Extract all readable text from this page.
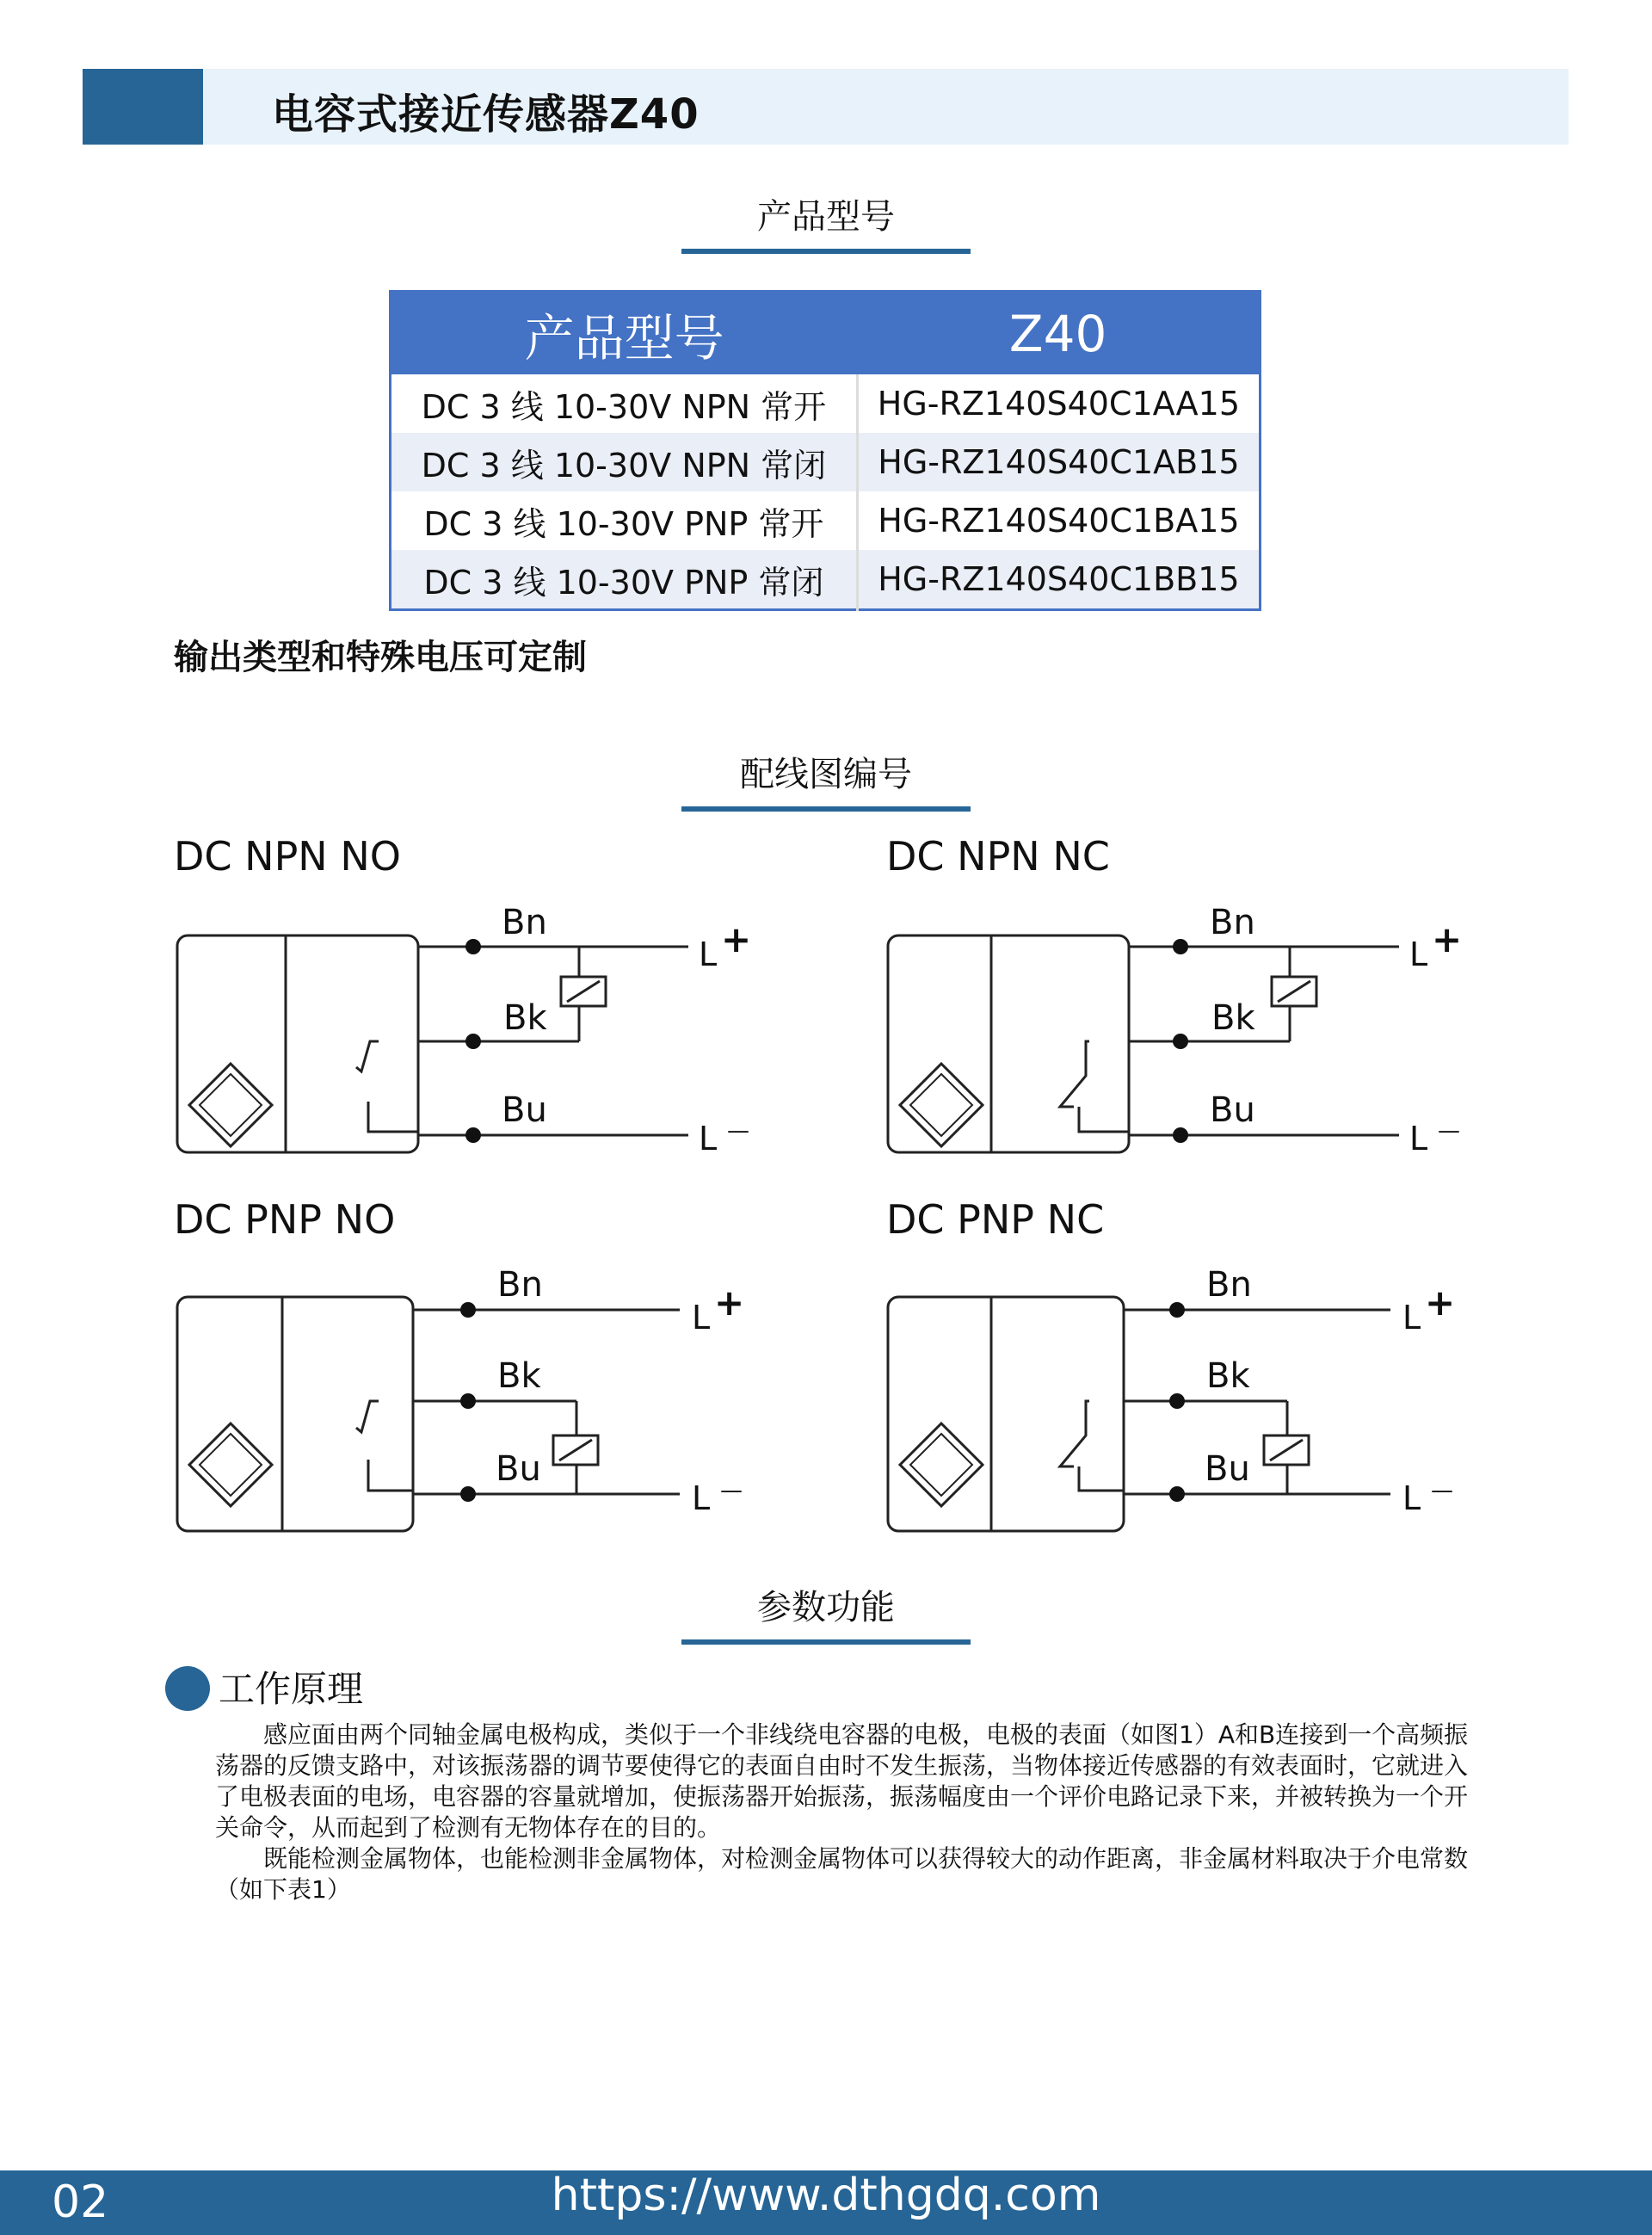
电容式接近传感器Z40
产品型号
产品型号	Z40
DC 3 线 10-30V NPN 常开	HG-RZ140S40C1AA15
DC 3 线 10-30V NPN 常闭	HG-RZ140S40C1AB15
DC 3 线 10-30V PNP 常开	HG-RZ140S40C1BA15
DC 3 线 10-30V PNP 常闭	HG-RZ140S40C1BB15
输出类型和特殊电压可定制
配线图编号
DC NPN NO	DC NPN NC
DC PNP NO	DC PNP NC
Bn
Bk
Bu
L +
L —
Bn
Bk
Bu
L +
L —
Bn
Bk
Bu
L +
L —
Bn
Bk
Bu
L +
L —
参数功能
工作原理

感应面由两个同轴金属电极构成，类似于一个非线绕电容器的电极，电极的表面（如图1）A和B连接到一个高频振荡器的反馈支路中，对该振荡器的调节要使得它的表面自由时不发生振荡，当物体接近传感器的有效表面时，它就进入了电极表面的电场，电容器的容量就增加，使振荡器开始振荡，振荡幅度由一个评价电路记录下来，并被转换为一个开关命令，从而起到了检测有无物体存在的目的。

既能检测金属物体，也能检测非金属物体，对检测金属物体可以获得较大的动作距离，非金属材料取决于介电常数（如下表1）

02	https://www.dthgdq.com
